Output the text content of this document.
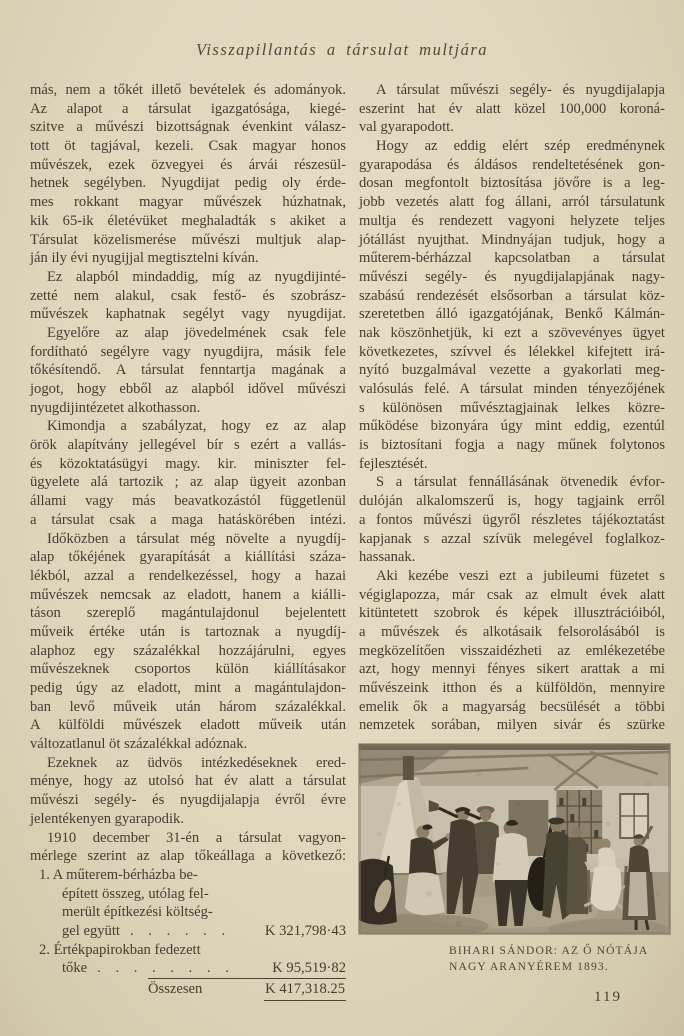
Visszapillantás a társulat multjára
más, nem a tőkét illető bevételek és adományok.
Az alapot a társulat igazgatósága, kiegé-
szitve a művészi bizottságnak évenkint válasz-
tott öt tagjával, kezeli. Csak magyar honos
művészek, ezek özvegyei és árvái részesül-
hetnek segélyben. Nyugdijat pedig oly érde-
mes rokkant magyar művészek húzhatnak,
kik 65-ik életévüket meghaladták s akiket a
Társulat közelismerése művészi multjuk alap-
ján ily évi nyugijjal megtisztelni kíván.
Ez alapból mindaddig, míg az nyugdijinté-
zetté nem alakul, csak festő- és szobrász-
művészek kaphatnak segélyt vagy nyugdijat.
Egyelőre az alap jövedelmének csak fele
fordítható segélyre vagy nyugdijra, másik fele
tőkésítendő. A társulat fenntartja magának a
jogot, hogy ebből az alapból idővel művészi
nyugdijintézetet alkothasson.
Kimondja a szabályzat, hogy ez az alap
örök alapítvány jellegével bír s ezért a vallás-
és közoktatásügyi magy. kir. miniszter fel-
ügyelete alá tartozik ; az alap ügyeit azonban
állami vagy más beavatkozástól függetlenül
a társulat csak a maga hatáskörében intézi.
Időközben a társulat még növelte a nyugdíj-
alap tőkéjének gyarapítását a kiállítási száza-
lékból, azzal a rendelkezéssel, hogy a hazai
művészek nemcsak az eladott, hanem a kiálli-
táson szereplő magántulajdonul bejelentett
műveik értéke után is tartoznak a nyugdíj-
alaphoz egy százalékkal hozzájárulni, egyes
művészeknek csoportos külön kiállításakor
pedig úgy az eladott, mint a magántulajdon-
ban levő műveik után három százalékkal.
A külföldi művészek eladott műveik után
változatlanul öt százalékkal adóznak.
Ezeknek az üdvös intézkedéseknek ered-
ménye, hogy az utolsó hat év alatt a társulat
művészi segély- és nyugdijalapja évről évre
jelentékenyen gyarapodik.
1910 december 31-én a társulat vagyon-
mérlege szerint az alap tőkeállaga a következő:
1. A műterem-bérházba be-
épített összeg, utólag fel-
merült építkezési költség-
gel együtt . . . . . .	K 321,798·43
2. Értékpapirokban fedezett
tőke . . . . . . . .	K 95,519·82
Összesen	K 417,318.25
A társulat művészi segély- és nyugdijalapja
eszerint hat év alatt közel 100,000 koroná-
val gyarapodott.
Hogy az eddig elért szép eredménynek
gyarapodása és áldásos rendeltetésének gon-
dosan megfontolt biztosítása jövőre is a leg-
jobb vezetés alatt fog állani, arról társulatunk
multja és rendezett vagyoni helyzete teljes
jótállást nyujthat. Mindnyájan tudjuk, hogy a
műterem-bérházzal kapcsolatban a társulat
művészi segély- és nyugdijalapjának nagy-
szabású rendezését elsősorban a társulat köz-
szeretetben álló igazgatójának, Benkő Kálmán-
nak köszönhetjük, ki ezt a szövevényes ügyet
következetes, szívvel és lélekkel kifejtett irá-
nyító buzgalmával vezette a gyakorlati meg-
valósulás felé. A társulat minden tényezőjének
s különösen művésztagjainak lelkes közre-
működése bizonyára úgy mint eddig, ezentúl
is biztosítani fogja a nagy műnek folytonos
fejlesztését.
S a társulat fennállásának ötvenedik évfor-
dulóján alkalomszerű is, hogy tagjaink erről
a fontos művészi ügyről részletes tájékoztatást
kapjanak s azzal szívük melegével foglalkoz-
hassanak.
Aki kezébe veszi ezt a jubileumi füzetet s
végiglapozza, már csak az elmult évek alatt
kitüntetett szobrok és képek illusztrációiból,
a művészek és alkotásaik felsorolásából is
megközelítően visszaidézheti az emlékezetébe
azt, hogy mennyi fényes sikert arattak a mi
művészeink itthon és a külföldön, mennyire
emelik ők a magyarság becsülését a többi
nemzetek sorában, milyen sivár és szürke
BIHARI SÁNDOR: AZ Ő NÓTÁJA
NAGY ARANYÉREM 1893.
119
